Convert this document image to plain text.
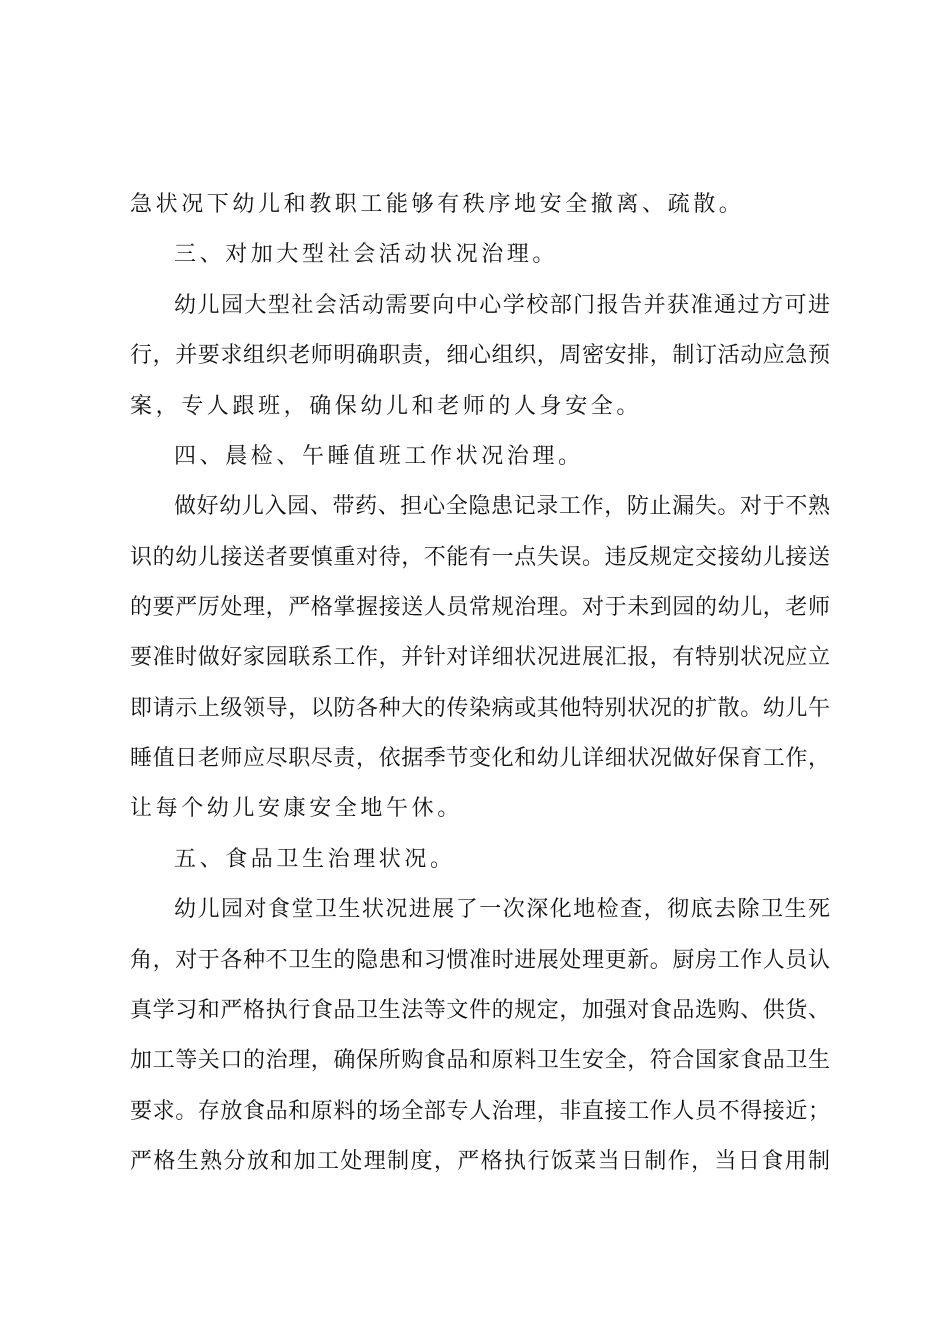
急状况下幼儿和教职工能够有秩序地安全撤离、疏散。
三、对加大型社会活动状况治理。
幼儿园大型社会活动需要向中心学校部门报告并获准通过方可进
行，并要求组织老师明确职责，细心组织，周密安排，制订活动应急预
案，专人跟班，确保幼儿和老师的人身安全。
四、晨检、午睡值班工作状况治理。
做好幼儿入园、带药、担心全隐患记录工作，防止漏失。对于不熟
识的幼儿接送者要慎重对待，不能有一点失误。违反规定交接幼儿接送
的要严厉处理，严格掌握接送人员常规治理。对于未到园的幼儿，老师
要准时做好家园联系工作，并针对详细状况进展汇报，有特别状况应立
即请示上级领导，以防各种大的传染病或其他特别状况的扩散。幼儿午
睡值日老师应尽职尽责，依据季节变化和幼儿详细状况做好保育工作，
让每个幼儿安康安全地午休。
五、食品卫生治理状况。
幼儿园对食堂卫生状况进展了一次深化地检查，彻底去除卫生死
角，对于各种不卫生的隐患和习惯准时进展处理更新。厨房工作人员认
真学习和严格执行食品卫生法等文件的规定，加强对食品选购、供货、
加工等关口的治理，确保所购食品和原料卫生安全，符合国家食品卫生
要求。存放食品和原料的场全部专人治理，非直接工作人员不得接近；
严格生熟分放和加工处理制度，严格执行饭菜当日制作，当日食用制
